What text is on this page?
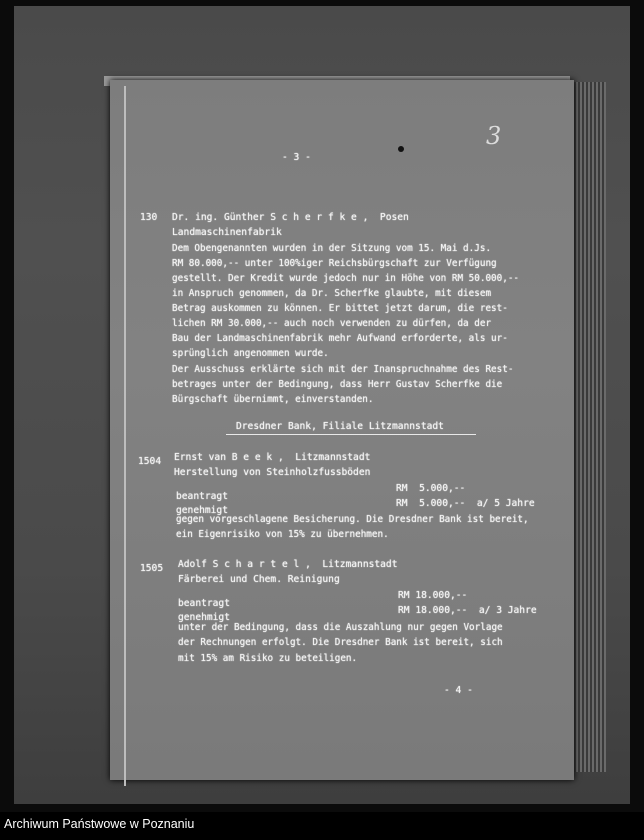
3
- 3 -
130 Dr. ing. Günther S c h e r f k e ,  Posen
Landmaschinenfabrik
Dem Obengenannten wurden in der Sitzung vom 15. Mai d.Js.
RM 80.000,-- unter 100%iger Reichsbürgschaft zur Verfügung
gestellt. Der Kredit wurde jedoch nur in Höhe von RM 50.000,--
in Anspruch genommen, da Dr. Scherfke glaubte, mit diesem
Betrag auskommen zu können. Er bittet jetzt darum, die rest-
lichen RM 30.000,-- auch noch verwenden zu dürfen, da der
Bau der Landmaschinenfabrik mehr Aufwand erforderte, als ur-
sprünglich angenommen wurde.
Der Ausschuss erklärte sich mit der Inanspruchnahme des Rest-
betrages unter der Bedingung, dass Herr Gustav Scherfke die
Bürgschaft übernimmt, einverstanden.
Dresdner Bank, Filiale Litzmannstadt
1504 Ernst van B e e k ,  Litzmannstadt
Herstellung von Steinholzfussböden
beantragt
RM  5.000,--
genehmigt
RM  5.000,--  a/ 5 Jahre
gegen vorgeschlagene Besicherung. Die Dresdner Bank ist bereit,
ein Eigenrisiko von 15% zu übernehmen.
1505 Adolf S c h a r t e l ,  Litzmannstadt
Färberei und Chem. Reinigung
beantragt
RM 18.000,--
genehmigt
RM 18.000,--  a/ 3 Jahre
unter der Bedingung, dass die Auszahlung nur gegen Vorlage
der Rechnungen erfolgt. Die Dresdner Bank ist bereit, sich
mit 15% am Risiko zu beteiligen.
- 4 -
Archiwum Państwowe w Poznaniu
